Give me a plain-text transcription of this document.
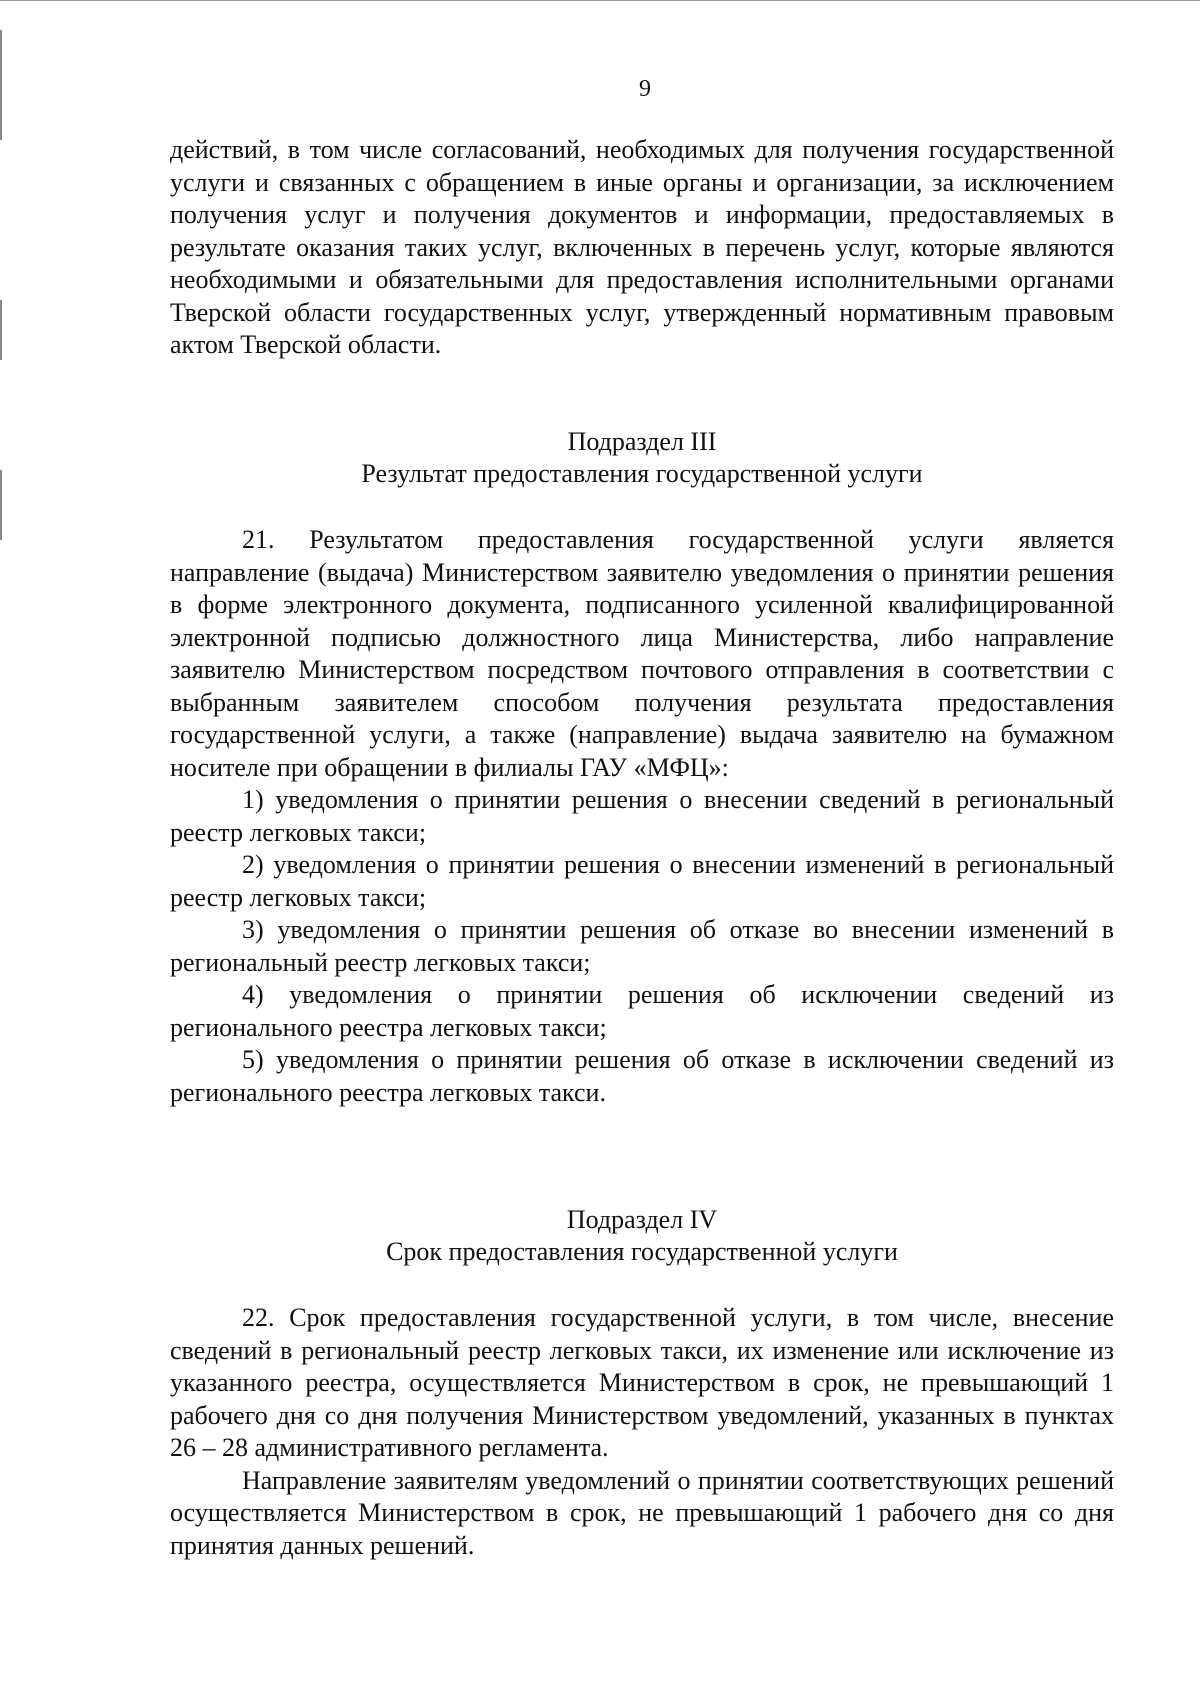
9

действий, в том числе согласований, необходимых для получения государственной услуги и связанных с обращением в иные органы и организации, за исключением получения услуг и получения документов и информации, предоставляемых в результате оказания таких услуг, включенных в перечень услуг, которые являются необходимыми и обязательными для предоставления исполнительными органами Тверской области государственных услуг, утвержденный нормативным правовым актом Тверской области.

Подраздел III
Результат предоставления государственной услуги

21. Результатом предоставления государственной услуги является направление (выдача) Министерством заявителю уведомления о принятии решения в форме электронного документа, подписанного усиленной квалифицированной электронной подписью должностного лица Министерства, либо направление заявителю Министерством посредством почтового отправления в соответствии с выбранным заявителем способом получения результата предоставления государственной услуги, а также (направление) выдача заявителю на бумажном носителе при обращении в филиалы ГАУ «МФЦ»:

1) уведомления о принятии решения о внесении сведений в региональный реестр легковых такси;

2) уведомления о принятии решения о внесении изменений в региональный реестр легковых такси;

3) уведомления о принятии решения об отказе во внесении изменений в региональный реестр легковых такси;

4) уведомления о принятии решения об исключении сведений из регионального реестра легковых такси;

5) уведомления о принятии решения об отказе в исключении сведений из регионального реестра легковых такси.

Подраздел IV
Срок предоставления государственной услуги

22. Срок предоставления государственной услуги, в том числе, внесение сведений в региональный реестр легковых такси, их изменение или исключение из указанного реестра, осуществляется Министерством в срок, не превышающий 1 рабочего дня со дня получения Министерством уведомлений, указанных в пунктах 26 – 28 административного регламента.

Направление заявителям уведомлений о принятии соответствующих решений осуществляется Министерством в срок, не превышающий 1 рабочего дня со дня принятия данных решений.
